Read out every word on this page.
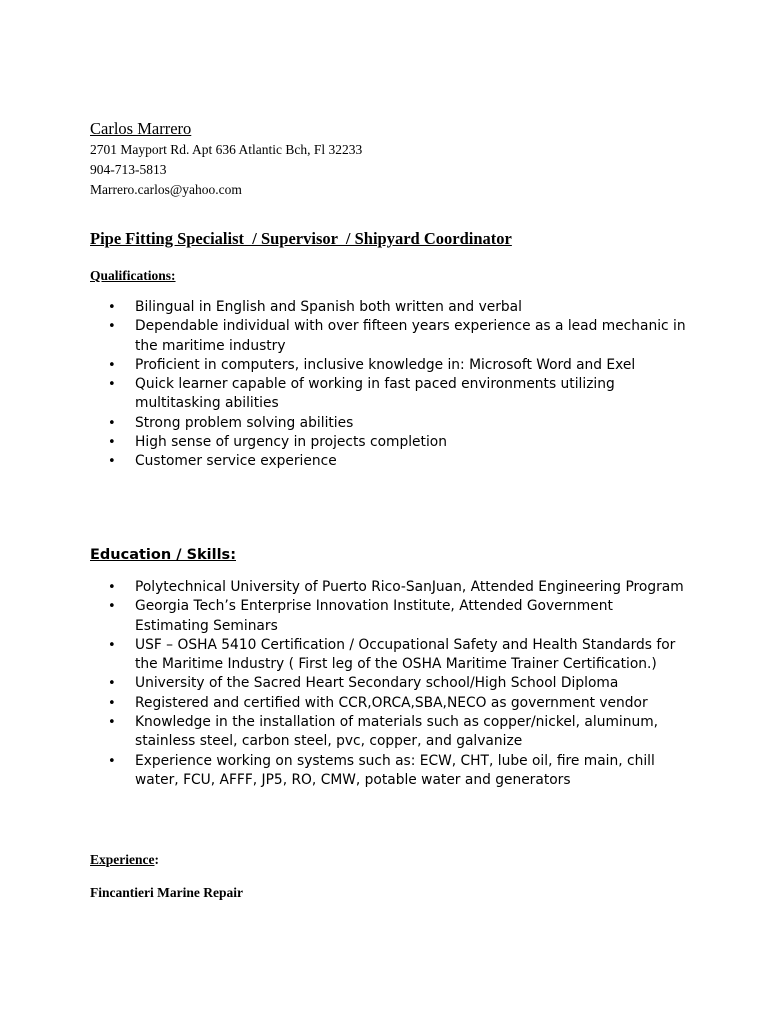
Carlos Marrero
2701 Mayport Rd. Apt 636 Atlantic Bch, Fl 32233
904-713-5813
Marrero.carlos@yahoo.com
Pipe Fitting Specialist  / Supervisor  / Shipyard Coordinator
Qualifications:
• Bilingual in English and Spanish both written and verbal
• Dependable individual with over fifteen years experience as a lead mechanic in the maritime industry
• Proficient in computers, inclusive knowledge in: Microsoft Word and Exel
• Quick learner capable of working in fast paced environments utilizing multitasking abilities
• Strong problem solving abilities
• High sense of urgency in projects completion
• Customer service experience
Education / Skills:
• Polytechnical University of Puerto Rico-SanJuan, Attended Engineering Program
• Georgia Tech’s Enterprise Innovation Institute, Attended Government Estimating Seminars
• USF – OSHA 5410 Certification / Occupational Safety and Health Standards for the Maritime Industry ( First leg of the OSHA Maritime Trainer Certification.)
• University of the Sacred Heart Secondary school/High School Diploma
• Registered and certified with CCR,ORCA,SBA,NECO as government vendor
• Knowledge in the installation of materials such as copper/nickel, aluminum, stainless steel, carbon steel, pvc, copper, and galvanize
• Experience working on systems such as: ECW, CHT, lube oil, fire main, chill water, FCU, AFFF, JP5, RO, CMW, potable water and generators
Experience:
Fincantieri Marine Repair
